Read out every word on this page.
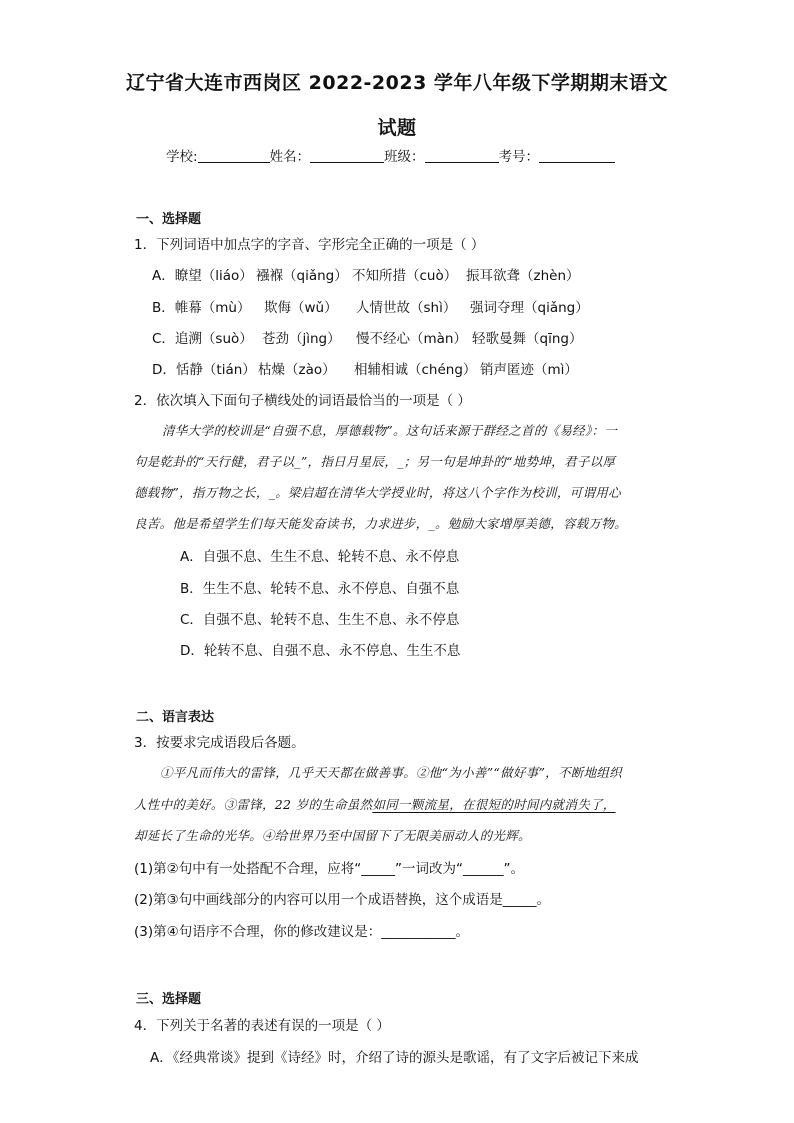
辽宁省大连市西岗区 2022-2023 学年八年级下学期期末语文
试题
学校:	姓名：	班级：	考号：
一、选择题
1．下列词语中加点字的字音、字形完全正确的一项是（ ）
A．瞭望（liáo） 襁褓（qiǎng） 不知所措（cuò） 振耳欲聋（zhèn）
B．帷幕（mù） 欺侮（wǔ） 人情世故（shì） 强词夺理（qiǎng）
C．追溯（suò） 苍劲（jìng） 慢不经心（màn） 轻歌曼舞（qīng）
D．恬静（tián） 枯燥（zào） 相辅相诚（chéng） 销声匿迹（mì）
2．依次填入下面句子横线处的词语最恰当的一项是（ ）
清华大学的校训是“自强不息，厚德载物”。这句话来源于群经之首的《易经》：一
句是乾卦的“天行健，君子以_”，指日月星辰，_；另一句是坤卦的“地势坤，君子以厚
德载物”，指万物之长，_。梁启超在清华大学授业时，将这八个字作为校训，可谓用心
良苦。他是希望学生们每天能发奋读书，力求进步，_。勉励大家增厚美德，容载万物。
A．自强不息、生生不息、轮转不息、永不停息
B．生生不息、轮转不息、永不停息、自强不息
C．自强不息、轮转不息、生生不息、永不停息
D．轮转不息、自强不息、永不停息、生生不息
二、语言表达
3．按要求完成语段后各题。
①平凡而伟大的雷锋，几乎天天都在做善事。②他“为小善”“做好事”，不断地组织
人性中的美好。③雷锋，22 岁的生命虽然如同一颗流星，在很短的时间内就消失了，
却延长了生命的光华。④给世界乃至中国留下了无限美丽动人的光辉。
(1)第②句中有一处搭配不合理，应将“_____”一词改为“______”。
(2)第③句中画线部分的内容可以用一个成语替换，这个成语是_____。
(3)第④句语序不合理，你的修改建议是：___________。
三、选择题
4．下列关于名著的表述有误的一项是（ ）
A．《经典常谈》提到《诗经》时，介绍了诗的源头是歌谣，有了文字后被记下来成
